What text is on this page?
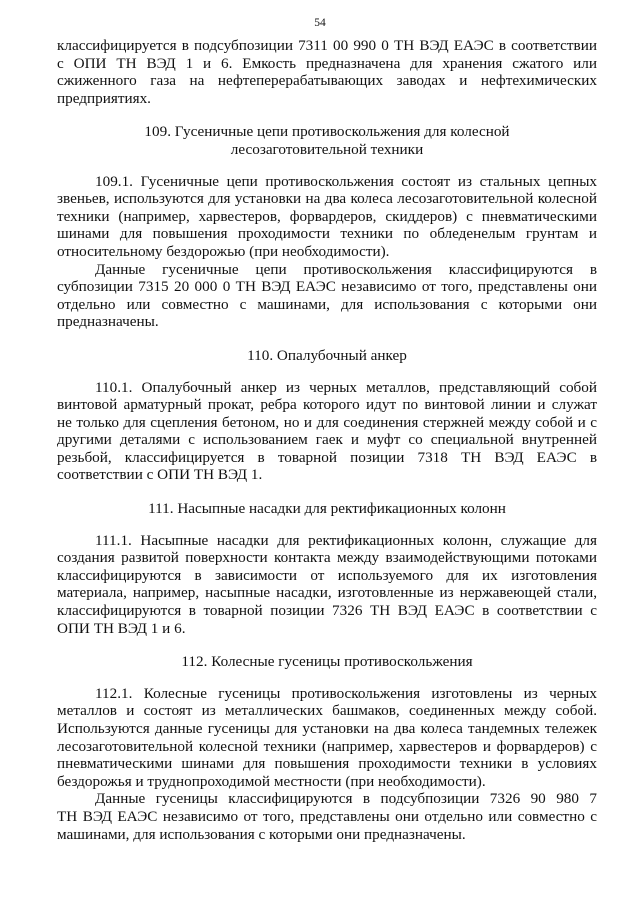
54
классифицируется в подсубпозиции 7311 00 990 0 ТН ВЭД ЕАЭС в соответствии
с ОПИ ТН ВЭД 1 и 6. Емкость предназначена для хранения сжатого или
сжиженного газа на нефтеперерабатывающих заводах и нефтехимических
предприятиях.
109. Гусеничные цепи противоскольжения для колесной
лесозаготовительной техники
109.1. Гусеничные цепи противоскольжения состоят из стальных цепных
звеньев, используются для установки на два колеса лесозаготовительной колесной
техники (например, харвестеров, форвардеров, скиддеров) с пневматическими
шинами для повышения проходимости техники по обледенелым грунтам и
относительному бездорожью (при необходимости).
Данные гусеничные цепи противоскольжения классифицируются в
субпозиции 7315 20 000 0 ТН ВЭД ЕАЭС независимо от того, представлены они
отдельно или совместно с машинами, для использования с которыми они
предназначены.
110. Опалубочный анкер
110.1. Опалубочный анкер из черных металлов, представляющий собой
винтовой арматурный прокат, ребра которого идут по винтовой линии и служат
не только для сцепления бетоном, но и для соединения стержней между собой и с
другими деталями с использованием гаек и муфт со специальной внутренней
резьбой, классифицируется в товарной позиции 7318 ТН ВЭД ЕАЭС в
соответствии с ОПИ ТН ВЭД 1.
111. Насыпные насадки для ректификационных колонн
111.1. Насыпные насадки для ректификационных колонн, служащие для
создания развитой поверхности контакта между взаимодействующими потоками
классифицируются в зависимости от используемого для их изготовления
материала, например, насыпные насадки, изготовленные из нержавеющей стали,
классифицируются в товарной позиции 7326 ТН ВЭД ЕАЭС в соответствии с
ОПИ ТН ВЭД 1 и 6.
112. Колесные гусеницы противоскольжения
112.1. Колесные гусеницы противоскольжения изготовлены из черных
металлов и состоят из металлических башмаков, соединенных между собой.
Используются данные гусеницы для установки на два колеса тандемных тележек
лесозаготовительной колесной техники (например, харвестеров и форвардеров) с
пневматическими шинами для повышения проходимости техники в условиях
бездорожья и труднопроходимой местности (при необходимости).
Данные гусеницы классифицируются в подсубпозиции 7326 90 980 7
ТН ВЭД ЕАЭС независимо от того, представлены они отдельно или совместно с
машинами, для использования с которыми они предназначены.
